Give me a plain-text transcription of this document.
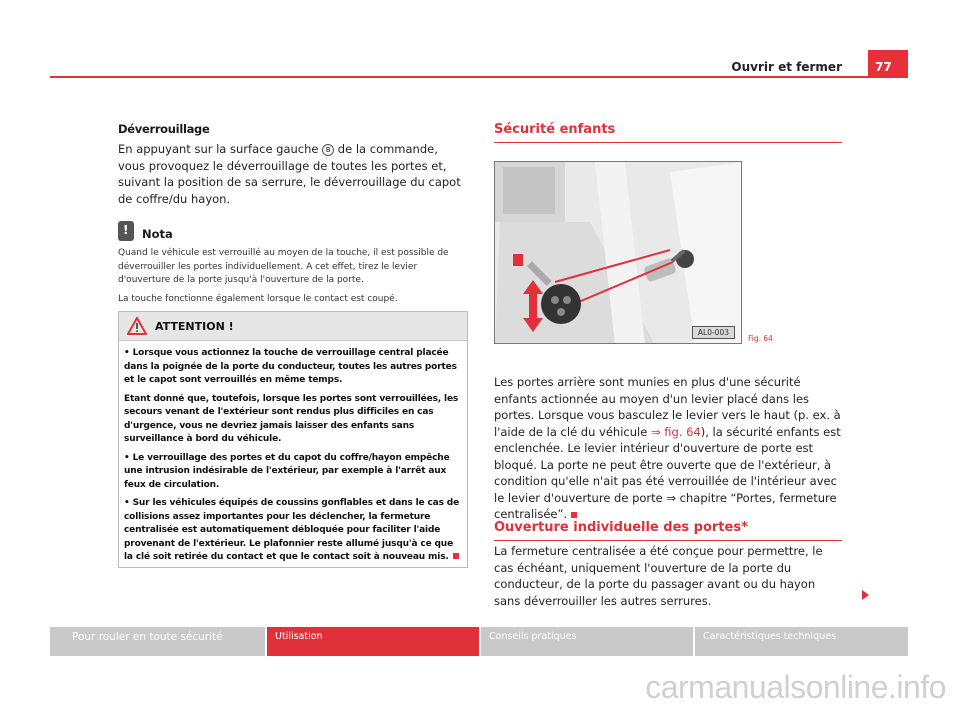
Ouvrir et fermer	77
Déverrouillage
En appuyant sur la surface gauche B de la commande, vous provoquez le déverrouillage de toutes les portes et, suivant la position de sa serrure, le déverrouillage du capot de coffre/du hayon.
!
Nota
Quand le véhicule est verrouillé au moyen de la touche, il est possible de déverrouiller les portes individuellement. A cet effet, tirez le levier d'ouverture de la porte jusqu'à l'ouverture de la porte.
La touche fonctionne également lorsque le contact est coupé.
ATTENTION !
• Lorsque vous actionnez la touche de verrouillage central placée dans la poignée de la porte du conducteur, toutes les autres portes et le capot sont verrouillés en même temps.
Etant donné que, toutefois, lorsque les portes sont verrouillées, les secours venant de l'extérieur sont rendus plus difficiles en cas d'urgence, vous ne devriez jamais laisser des enfants sans surveillance à bord du véhicule.
• Le verrouillage des portes et du capot du coffre/hayon empêche une intrusion indésirable de l'extérieur, par exemple à l'arrêt aux feux de circulation.
• Sur les véhicules équipés de coussins gonflables et dans le cas de collisions assez importantes pour les déclencher, la fermeture centralisée est automatiquement débloquée pour faciliter l'aide provenant de l'extérieur. Le plafonnier reste allumé jusqu'à ce que la clé soit retirée du contact et que le contact soit à nouveau mis.
Sécurité enfants
AL0-003
Fig. 64
Les portes arrière sont munies en plus d'une sécurité enfants actionnée au moyen d'un levier placé dans les portes. Lorsque vous basculez le levier vers le haut (p. ex. à l'aide de la clé du véhicule ⇒ fig. 64), la sécurité enfants est enclenchée. Le levier intérieur d'ouverture de porte est bloqué. La porte ne peut être ouverte que de l'extérieur, à condition qu'elle n'ait pas été verrouillée de l'intérieur avec le levier d'ouverture de porte ⇒ chapitre “Portes, fermeture centralisée”.
Ouverture individuelle des portes*
La fermeture centralisée a été conçue pour permettre, le cas échéant, uniquement l'ouverture de la porte du conducteur, de la porte du passager avant ou du hayon sans déverrouiller les autres serrures.
Pour rouler en toute sécurité	Utilisation	Conseils pratiques	Caractéristiques techniques
carmanualsonline.info
